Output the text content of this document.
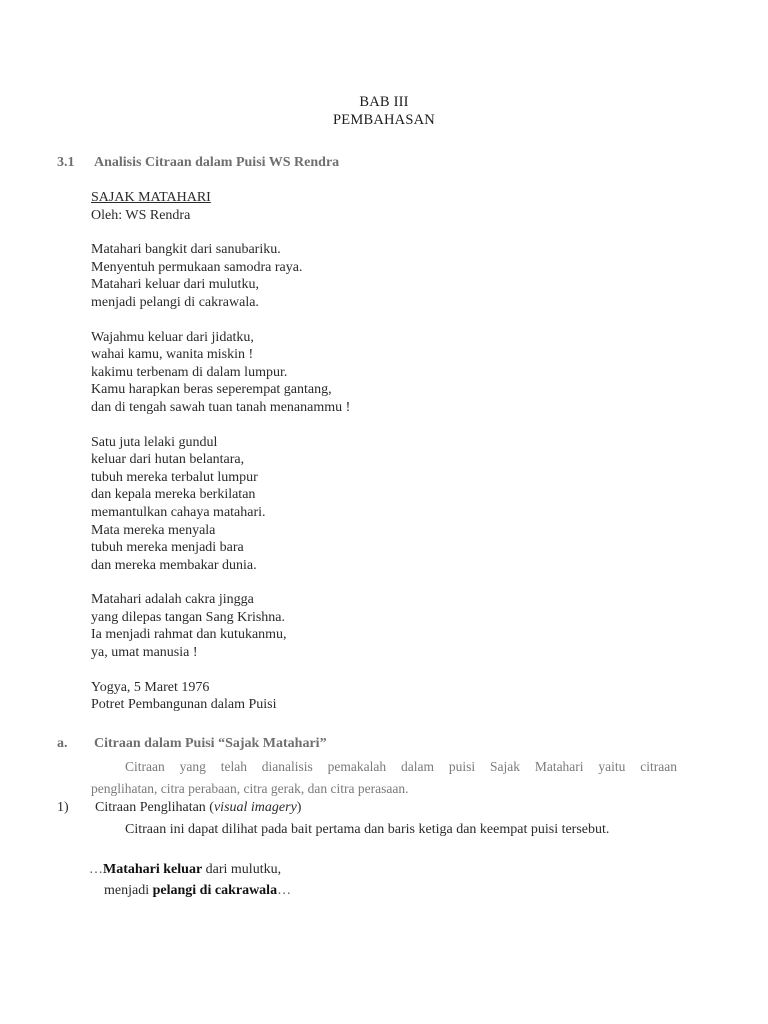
BAB III
PEMBAHASAN
3.1 Analisis Citraan dalam Puisi WS Rendra
SAJAK MATAHARI
Oleh: WS Rendra
Matahari bangkit dari sanubariku.
Menyentuh permukaan samodra raya.
Matahari keluar dari mulutku,
menjadi pelangi di cakrawala.
Wajahmu keluar dari jidatku,
wahai kamu, wanita miskin !
kakimu terbenam di dalam lumpur.
Kamu harapkan beras seperempat gantang,
dan di tengah sawah tuan tanah menanammu !
Satu juta lelaki gundul
keluar dari hutan belantara,
tubuh mereka terbalut lumpur
dan kepala mereka berkilatan
memantulkan cahaya matahari.
Mata mereka menyala
tubuh mereka menjadi bara
dan mereka membakar dunia.
Matahari adalah cakra jingga
yang dilepas tangan Sang Krishna.
Ia menjadi rahmat dan kutukanmu,
ya, umat manusia !
Yogya, 5 Maret 1976
Potret Pembangunan dalam Puisi
a. Citraan dalam Puisi “Sajak Matahari”
Citraan yang telah dianalisis pemakalah dalam puisi Sajak Matahari yaitu citraan
penglihatan, citra perabaan, citra gerak, dan citra perasaan.
1) Citraan Penglihatan (visual imagery)
Citraan ini dapat dilihat pada bait pertama dan baris ketiga dan keempat puisi tersebut.
…Matahari keluar dari mulutku,
menjadi pelangi di cakrawala…
